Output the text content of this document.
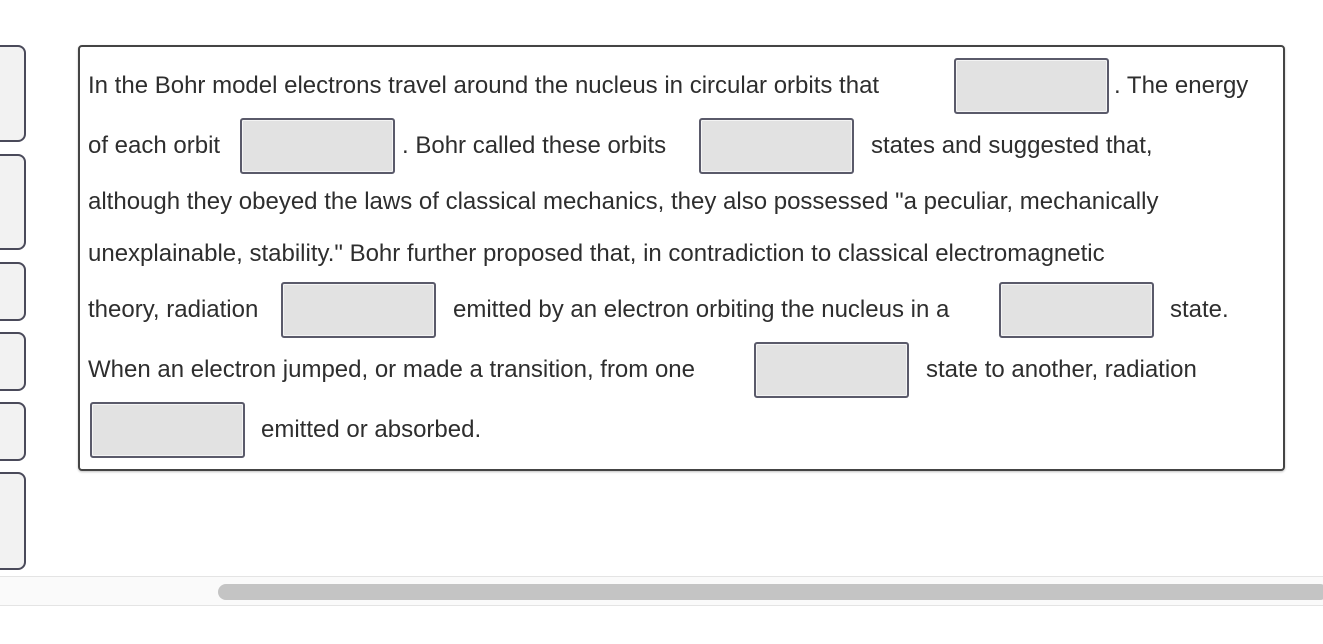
In the Bohr model electrons travel around the nucleus in circular orbits that	. The energy
of each orbit	. Bohr called these orbits	states and suggested that,
although they obeyed the laws of classical mechanics, they also possessed "a peculiar, mechanically
unexplainable, stability." Bohr further proposed that, in contradiction to classical electromagnetic
theory, radiation	emitted by an electron orbiting the nucleus in a	state.
When an electron jumped, or made a transition, from one	state to another, radiation
emitted or absorbed.
